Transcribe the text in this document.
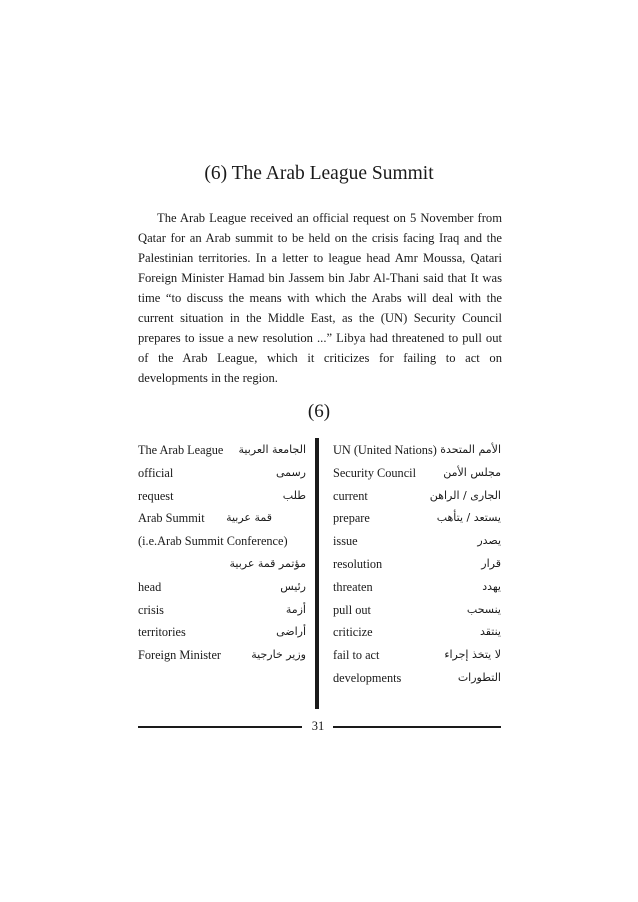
(6) The Arab League Summit

The Arab League received an official request on 5 November from Qatar for an Arab summit to be held on the crisis facing Iraq and the Palestinian territories. In a letter to league head Amr Moussa, Qatari Foreign Minister Hamad bin Jassem bin Jabr Al-Thani said that It was time “to discuss the means with which the Arabs will deal with the current situation in the Middle East, as the (UN) Security Council prepares to issue a new resolution ...” Libya had threatened to pull out of the Arab League, which it criticizes for failing to act on developments in the region.

(6)
The Arab League الجامعة العربية
official	رسمى
request	طلب
Arab Summit قمة عربية
(i.e.Arab Summit Conference)
مؤتمر قمة عربية
head	رئيس
crisis	أزمة
territories	أراضى
Foreign Minister	وزير خارجية
UN (United Nations) الأمم المتحدة
Security Council مجلس الأمن
current	الجارى / الراهن
prepare	يستعد / يتأهب
issue	يصدر
resolution	قرار
threaten	يهدد
pull out	ينسحب
criticize	ينتقد
fail to act	لا يتخذ إجراء
developments	التطورات
31
